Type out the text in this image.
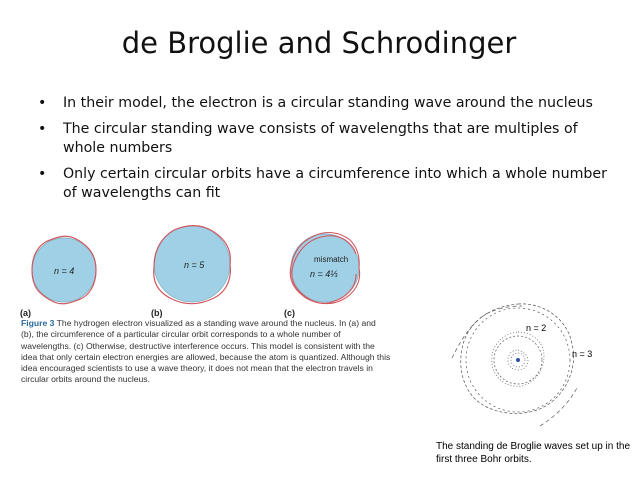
de Broglie and Schrodinger
• In their model, the electron is a circular standing wave around the nucleus
• The circular standing wave consists of wavelengths that are multiples of whole numbers
• Only certain circular orbits have a circumference into which a whole number of wavelengths can fit
n = 4
n = 5
mismatch
n = 4⅓
(a)	(b)	(c)
Figure 3 The hydrogen electron visualized as a standing wave around the nucleus. In (a) and (b), the circumference of a particular circular orbit corresponds to a whole number of wavelengths. (c) Otherwise, destructive interference occurs. This model is consistent with the idea that only certain electron energies are allowed, because the atom is quantized. Although this idea encouraged scientists to use a wave theory, it does not mean that the electron travels in circular orbits around the nucleus.
n = 2
n = 3
The standing de Broglie waves set up in the first three Bohr orbits.
